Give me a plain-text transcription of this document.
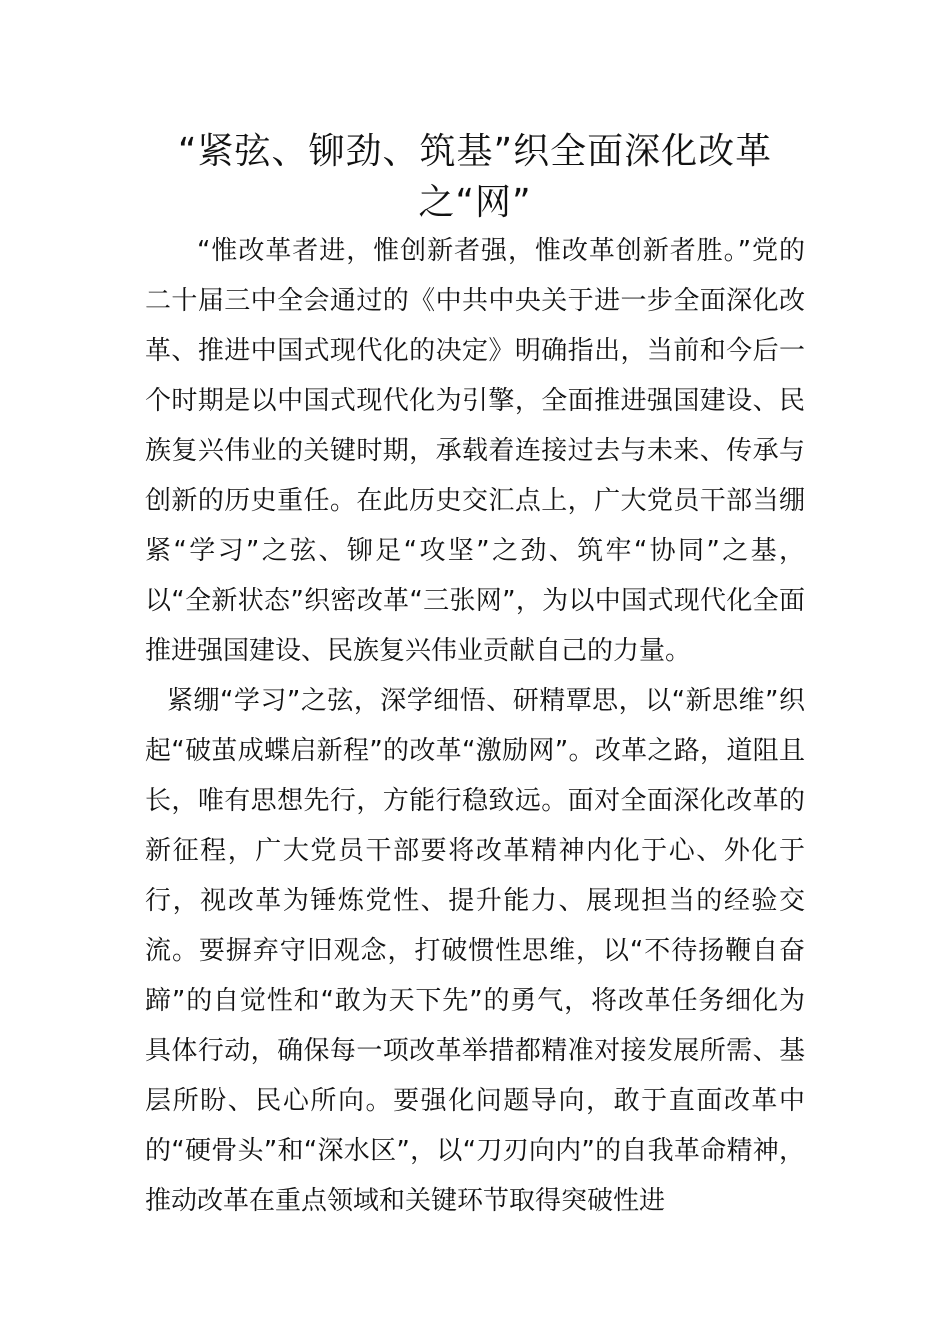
“紧弦、铆劲、筑基”织全面深化改革之“网”

“惟改革者进，惟创新者强，惟改革创新者胜。”党的二十届三中全会通过的《中共中央关于进一步全面深化改革、推进中国式现代化的决定》明确指出，当前和今后一个时期是以中国式现代化为引擎，全面推进强国建设、民族复兴伟业的关键时期，承载着连接过去与未来、传承与创新的历史重任。在此历史交汇点上，广大党员干部当绷紧“学习”之弦、铆足“攻坚”之劲、筑牢“协同”之基，以“全新状态”织密改革“三张网”，为以中国式现代化全面推进强国建设、民族复兴伟业贡献自己的力量。

紧绷“学习”之弦，深学细悟、研精覃思，以“新思维”织起“破茧成蝶启新程”的改革“激励网”。改革之路，道阻且长，唯有思想先行，方能行稳致远。面对全面深化改革的新征程，广大党员干部要将改革精神内化于心、外化于行，视改革为锤炼党性、提升能力、展现担当的经验交流。要摒弃守旧观念，打破惯性思维，以“不待扬鞭自奋蹄”的自觉性和“敢为天下先”的勇气，将改革任务细化为具体行动，确保每一项改革举措都精准对接发展所需、基层所盼、民心所向。要强化问题导向，敢于直面改革中的“硬骨头”和“深水区”，以“刀刃向内”的自我革命精神，推动改革在重点领域和关键环节取得突破性进
